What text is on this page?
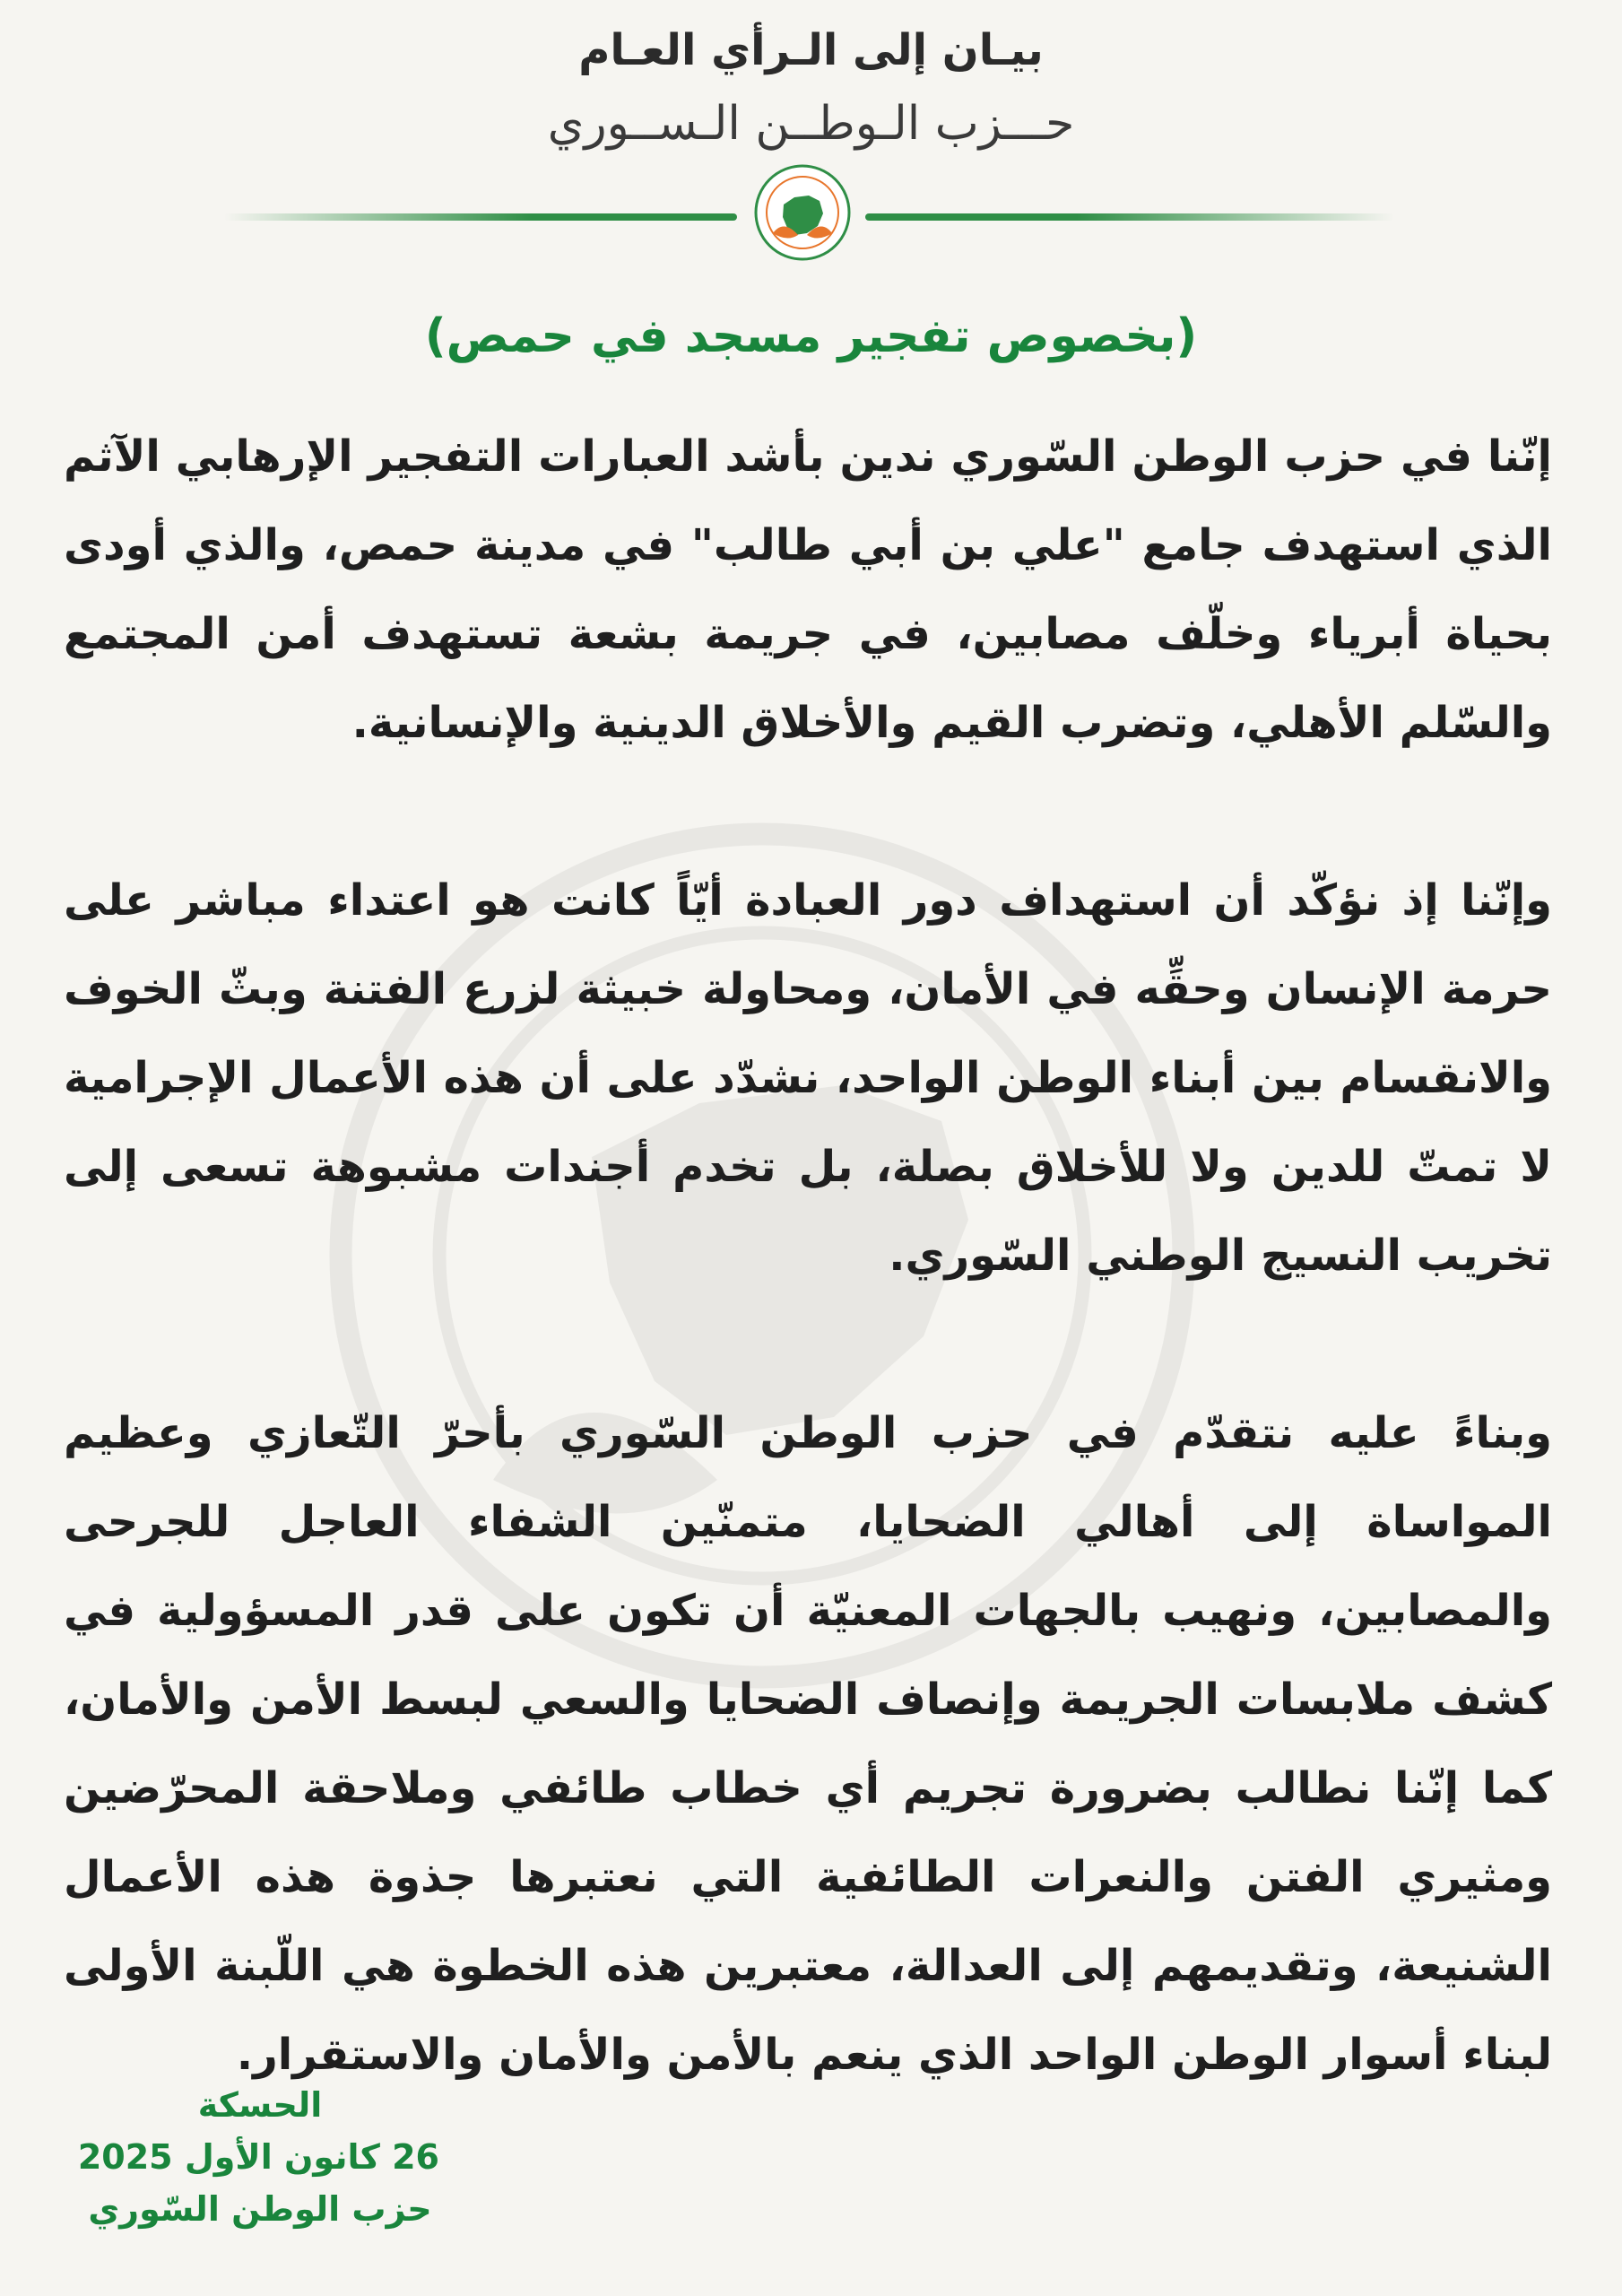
بيـان إلى الـرأي العـام
حـــزب الـوطــن الـســوري
(بخصوص تفجير مسجد في حمص)

إنّنا في حزب الوطن السّوري ندين بأشد العبارات التفجير الإرهابي الآثم الذي استهدف جامع "علي بن أبي طالب" في مدينة حمص، والذي أودى بحياة أبرياء وخلّف مصابين، في جريمة بشعة تستهدف أمن المجتمع والسّلم الأهلي، وتضرب القيم والأخلاق الدينية والإنسانية.

وإنّنا إذ نؤكّد أن استهداف دور العبادة أيّاً كانت هو اعتداء مباشر على حرمة الإنسان وحقِّه في الأمان، ومحاولة خبيثة لزرع الفتنة وبثّ الخوف والانقسام بين أبناء الوطن الواحد، نشدّد على أن هذه الأعمال الإجرامية لا تمتّ للدين ولا للأخلاق بصلة، بل تخدم أجندات مشبوهة تسعى إلى تخريب النسيج الوطني السّوري.

وبناءً عليه نتقدّم في حزب الوطن السّوري بأحرّ التّعازي وعظيم المواساة إلى أهالي الضحايا، متمنّين الشفاء العاجل للجرحى والمصابين، ونهيب بالجهات المعنيّة أن تكون على قدر المسؤولية في كشف ملابسات الجريمة وإنصاف الضحايا والسعي لبسط الأمن والأمان، كما إنّنا نطالب بضرورة تجريم أي خطاب طائفي وملاحقة المحرّضين ومثيري الفتن والنعرات الطائفية التي نعتبرها جذوة هذه الأعمال الشنيعة، وتقديمهم إلى العدالة، معتبرين هذه الخطوة هي اللّبنة الأولى لبناء أسوار الوطن الواحد الذي ينعم بالأمن والأمان والاستقرار.

الحسكة
26 كانون الأول 2025
حزب الوطن السّوري
